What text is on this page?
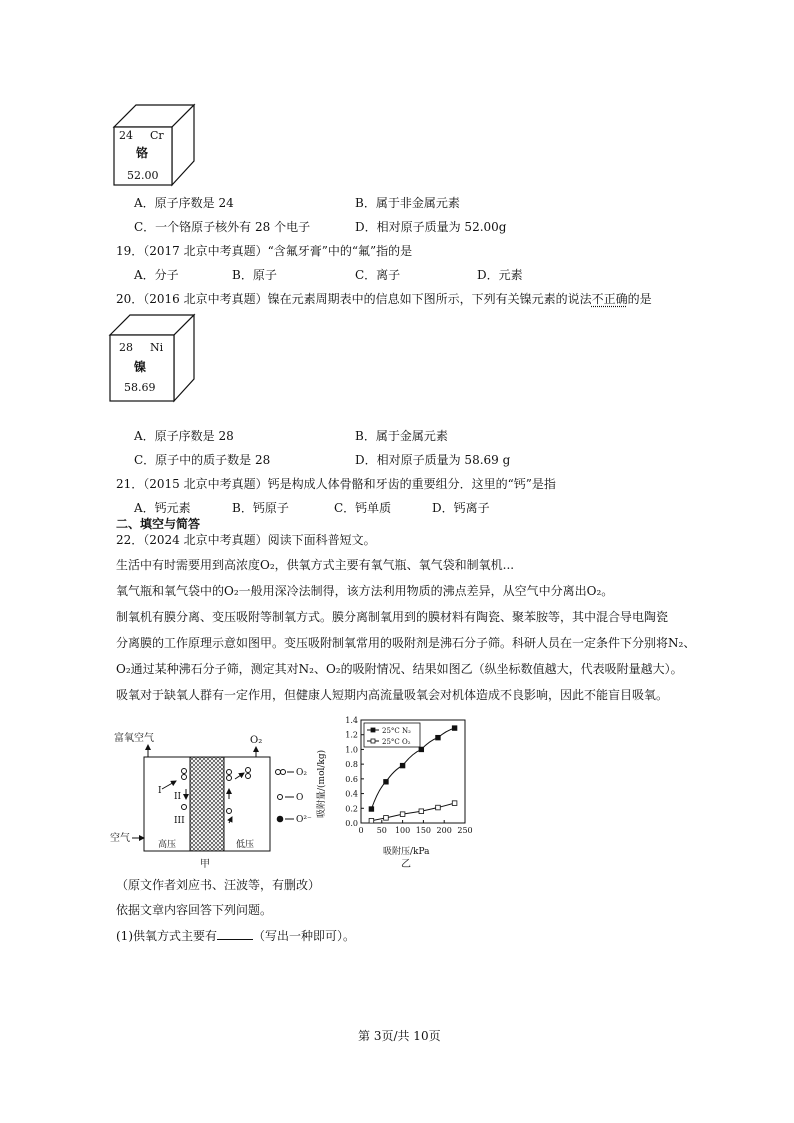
24 Cr
铬
52.00
A．原子序数是 24	B．属于非金属元素
C．一个铬原子核外有 28 个电子	D．相对原子质量为 52.00g
19．（2017 北京中考真题）“含氟牙膏”中的“氟”指的是
A．分子	B．原子	C．离子	D．元素
20．（2016 北京中考真题）镍在元素周期表中的信息如下图所示，下列有关镍元素的说法不正确的是
28 Ni
镍
58.69
A．原子序数是 28	B．属于金属元素
C．原子中的质子数是 28	D．相对原子质量为 58.69 g
21．（2015 北京中考真题）钙是构成人体骨骼和牙齿的重要组分．这里的“钙”是指
A．钙元素	B．钙原子	C．钙单质	D．钙离子
二、填空与简答
22．（2024 北京中考真题）阅读下面科普短文。
生活中有时需要用到高浓度O₂，供氧方式主要有氧气瓶、氧气袋和制氧机...
氧气瓶和氧气袋中的O₂一般用深冷法制得，该方法利用物质的沸点差异，从空气中分离出O₂。
制氧机有膜分离、变压吸附等制氧方式。膜分离制氧用到的膜材料有陶瓷、聚苯胺等，其中混合导电陶瓷
分离膜的工作原理示意如图甲。变压吸附制氧常用的吸附剂是沸石分子筛。科研人员在一定条件下分别将N₂、
O₂通过某种沸石分子筛，测定其对N₂、O₂的吸附情况、结果如图乙（纵坐标数值越大，代表吸附量越大）。
吸氧对于缺氧人群有一定作用，但健康人短期内高流量吸氧会对机体造成不良影响，因此不能盲目吸氧。
富氧空气	O₂
空气
高压	低压
甲
I
II
III
O₂
O
O²⁻	0.0
0.2
0.4
0.6
0.8
1.0
1.2
1.4
0 50 100 150 200 250
25°C N₂
25°C O₂
吸附压/kPa
乙
吸附量/(mol/kg)
（原文作者刘应书、汪波等，有删改）
依据文章内容回答下列问题。
(1)供氧方式主要有	（写出一种即可）。
第 3页/共 10页
